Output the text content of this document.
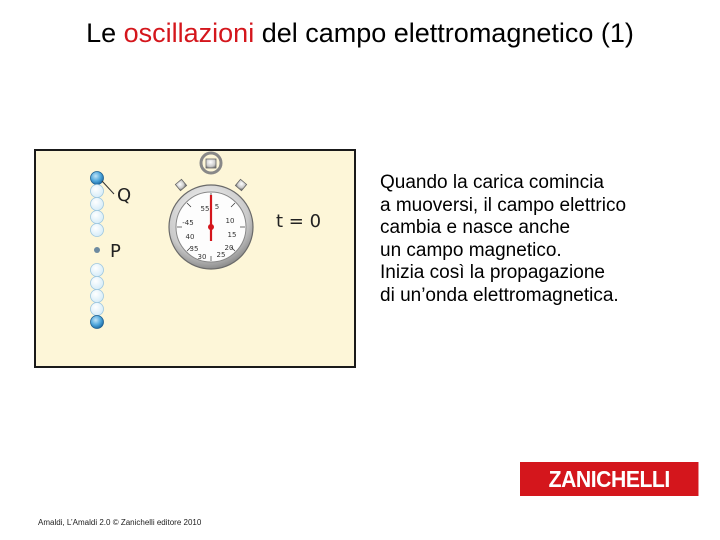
Le oscillazioni del campo elettromagnetico (1)
Q
P
t = 0
55
10
-45
15
40
20
35
25
30
5
Quando la carica comincia
a muoversi, il campo elettrico
cambia e nasce anche
un campo magnetico.
Inizia così la propagazione
di un’onda elettromagnetica.
ZANICHELLI
Amaldi, L’Amaldi 2.0 © Zanichelli editore 2010
